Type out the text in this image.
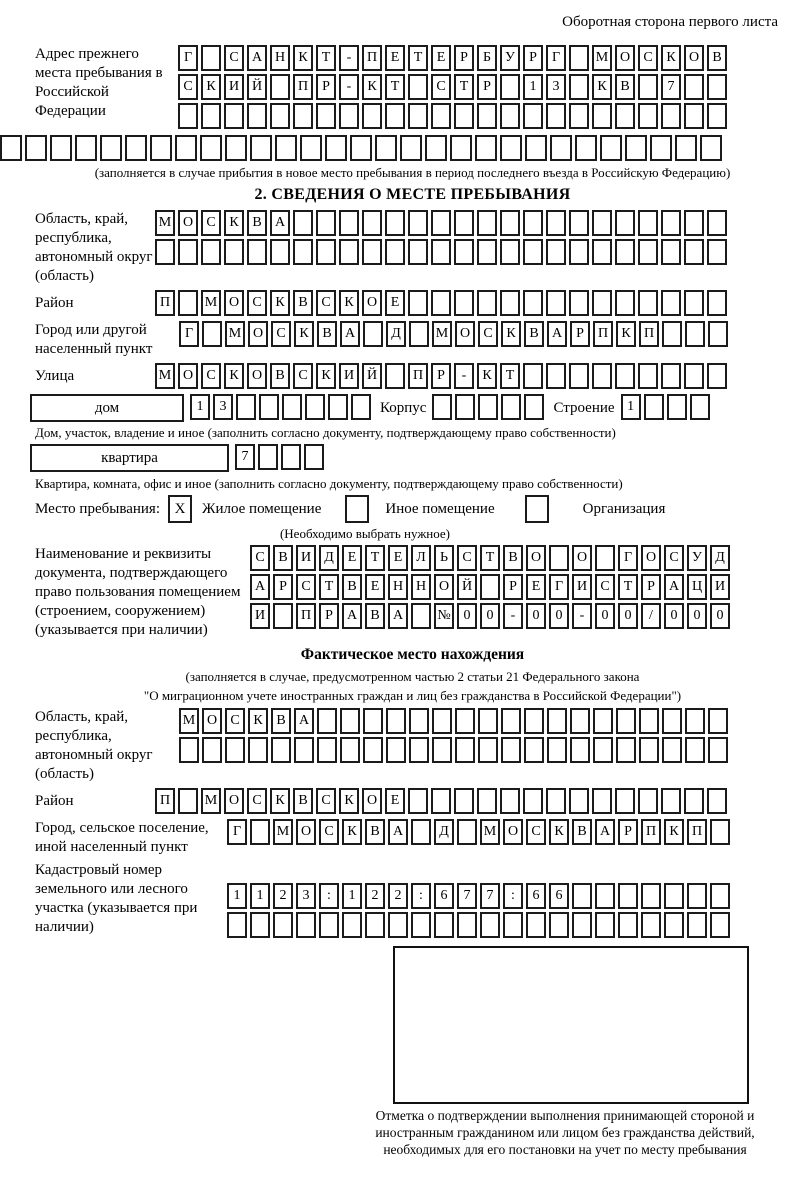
Оборотная сторона первого листа
Адрес прежнего места пребывания в Российской Федерации
Г	С А Н К	Т	-	П Е	Т	Е	Р	Б	У	Р	Г	М О С К О В
С К И Й	П	Р	-	К	Т	С	Т	Р	1	3	К В	7
(заполняется в случае прибытия в новое место пребывания в период последнего въезда в Российскую Федерацию)
2. СВЕДЕНИЯ О МЕСТЕ ПРЕБЫВАНИЯ
Область, край, республика, автономный округ (область)
М О С К В А
Район	П	М О С К В С К О Е
Город или другой населенный пункт
Г	М О С К В А	Д	М О С К В А	Р	П К П
Улица	М О С К О В С К И Й	П	Р	-	К	Т
дом	1	3	Корпус	Строение 1
Дом, участок, владение и иное (заполнить согласно документу, подтверждающему право собственности)
квартира	7
Квартира, комната, офис и иное (заполнить согласно документу, подтверждающему право собственности)
Место пребывания: X	Жилое помещение	Иное помещение	Организация
(Необходимо выбрать нужное)
Наименование и реквизиты документа, подтверждающего право пользования помещением (строением, сооружением) (указывается при наличии)
С В И Д Е	Т	Е Л	Ь	С	Т	В О	О	Г О С У Д
А	Р	С	Т	В	Е Н Н О Й	Р	Е	Г И С	Т	Р	А Ц И
И	П	Р	А В А	№ 0	0	-	0	0	-	0	0	/	0	0	0
Фактическое место нахождения
(заполняется в случае, предусмотренном частью 2 статьи 21 Федерального закона
"О миграционном учете иностранных граждан и лиц без гражданства в Российской Федерации")
Область, край, республика, автономный округ (область)
М О С К В А
Район	П	М О С К В С К О Е
Город, сельское поселение, иной населенный пункт
Г	М О С К В А	Д	М О С К В А	Р	П К П
Кадастровый номер земельного или лесного участка (указывается при наличии)
1	1	2	3	:	1	2	2	:	6	7	7	:	6	6
Отметка о подтверждении выполнения принимающей стороной и иностранным гражданином или лицом без гражданства действий, необходимых для его постановки на учет по месту пребывания
